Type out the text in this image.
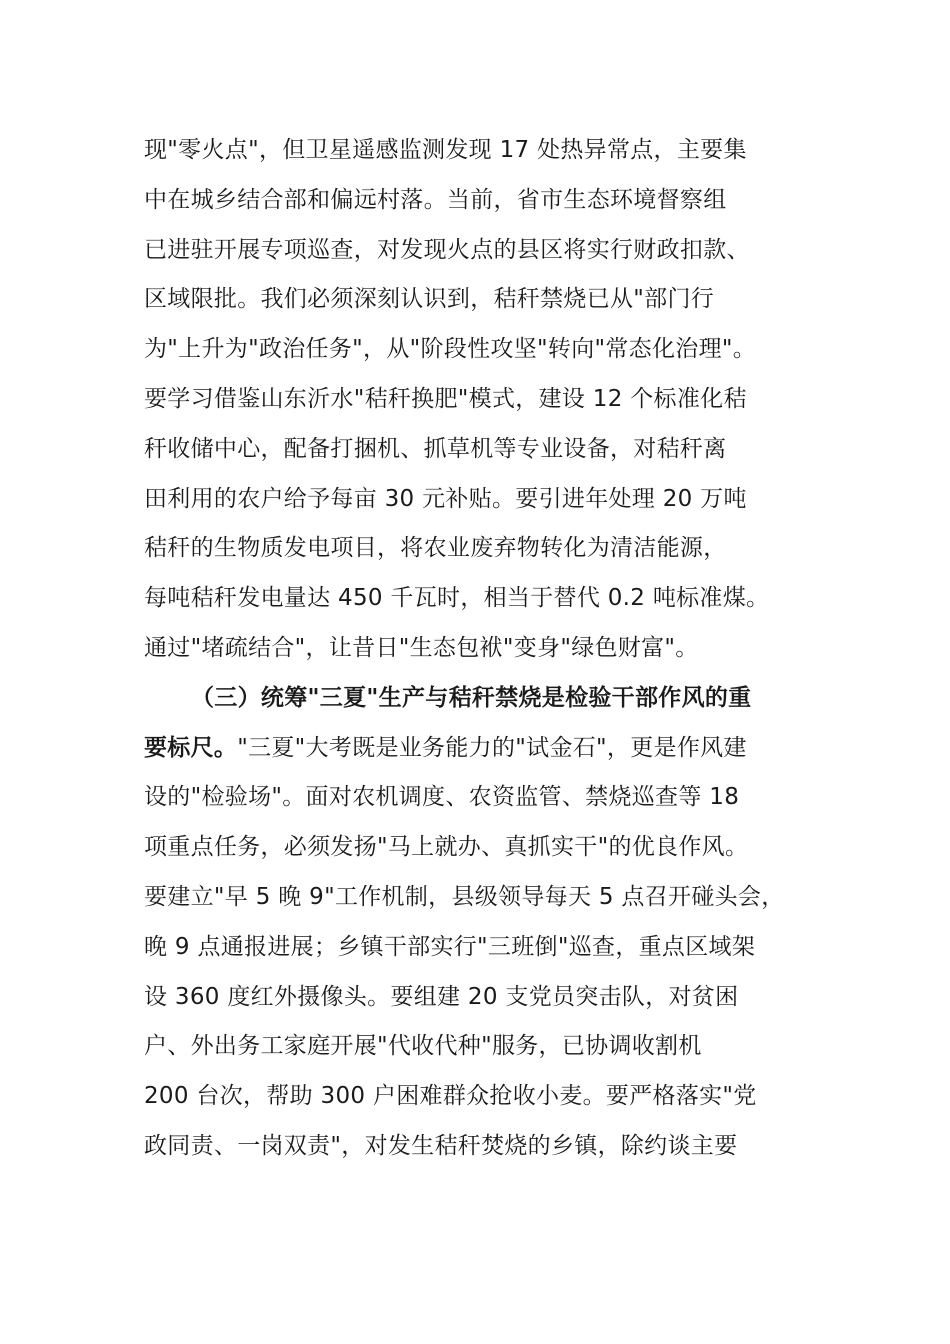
现"零火点"，但卫星遥感监测发现 17 处热异常点，主要集
中在城乡结合部和偏远村落。当前，省市生态环境督察组
已进驻开展专项巡查，对发现火点的县区将实行财政扣款、
区域限批。我们必须深刻认识到，秸秆禁烧已从"部门行
为"上升为"政治任务"，从"阶段性攻坚"转向"常态化治理"。
要学习借鉴山东沂水"秸秆换肥"模式，建设 12 个标准化秸
秆收储中心，配备打捆机、抓草机等专业设备，对秸秆离
田利用的农户给予每亩 30 元补贴。要引进年处理 20 万吨
秸秆的生物质发电项目，将农业废弃物转化为清洁能源，
每吨秸秆发电量达 450 千瓦时，相当于替代 0.2 吨标准煤。
通过"堵疏结合"，让昔日"生态包袱"变身"绿色财富"。
（三）统筹"三夏"生产与秸秆禁烧是检验干部作风的重
要标尺。"三夏"大考既是业务能力的"试金石"，更是作风建
设的"检验场"。面对农机调度、农资监管、禁烧巡查等 18
项重点任务，必须发扬"马上就办、真抓实干"的优良作风。
要建立"早 5 晚 9"工作机制，县级领导每天 5 点召开碰头会，
晚 9 点通报进展；乡镇干部实行"三班倒"巡查，重点区域架
设 360 度红外摄像头。要组建 20 支党员突击队，对贫困
户、外出务工家庭开展"代收代种"服务，已协调收割机
200 台次，帮助 300 户困难群众抢收小麦。要严格落实"党
政同责、一岗双责"，对发生秸秆焚烧的乡镇，除约谈主要
